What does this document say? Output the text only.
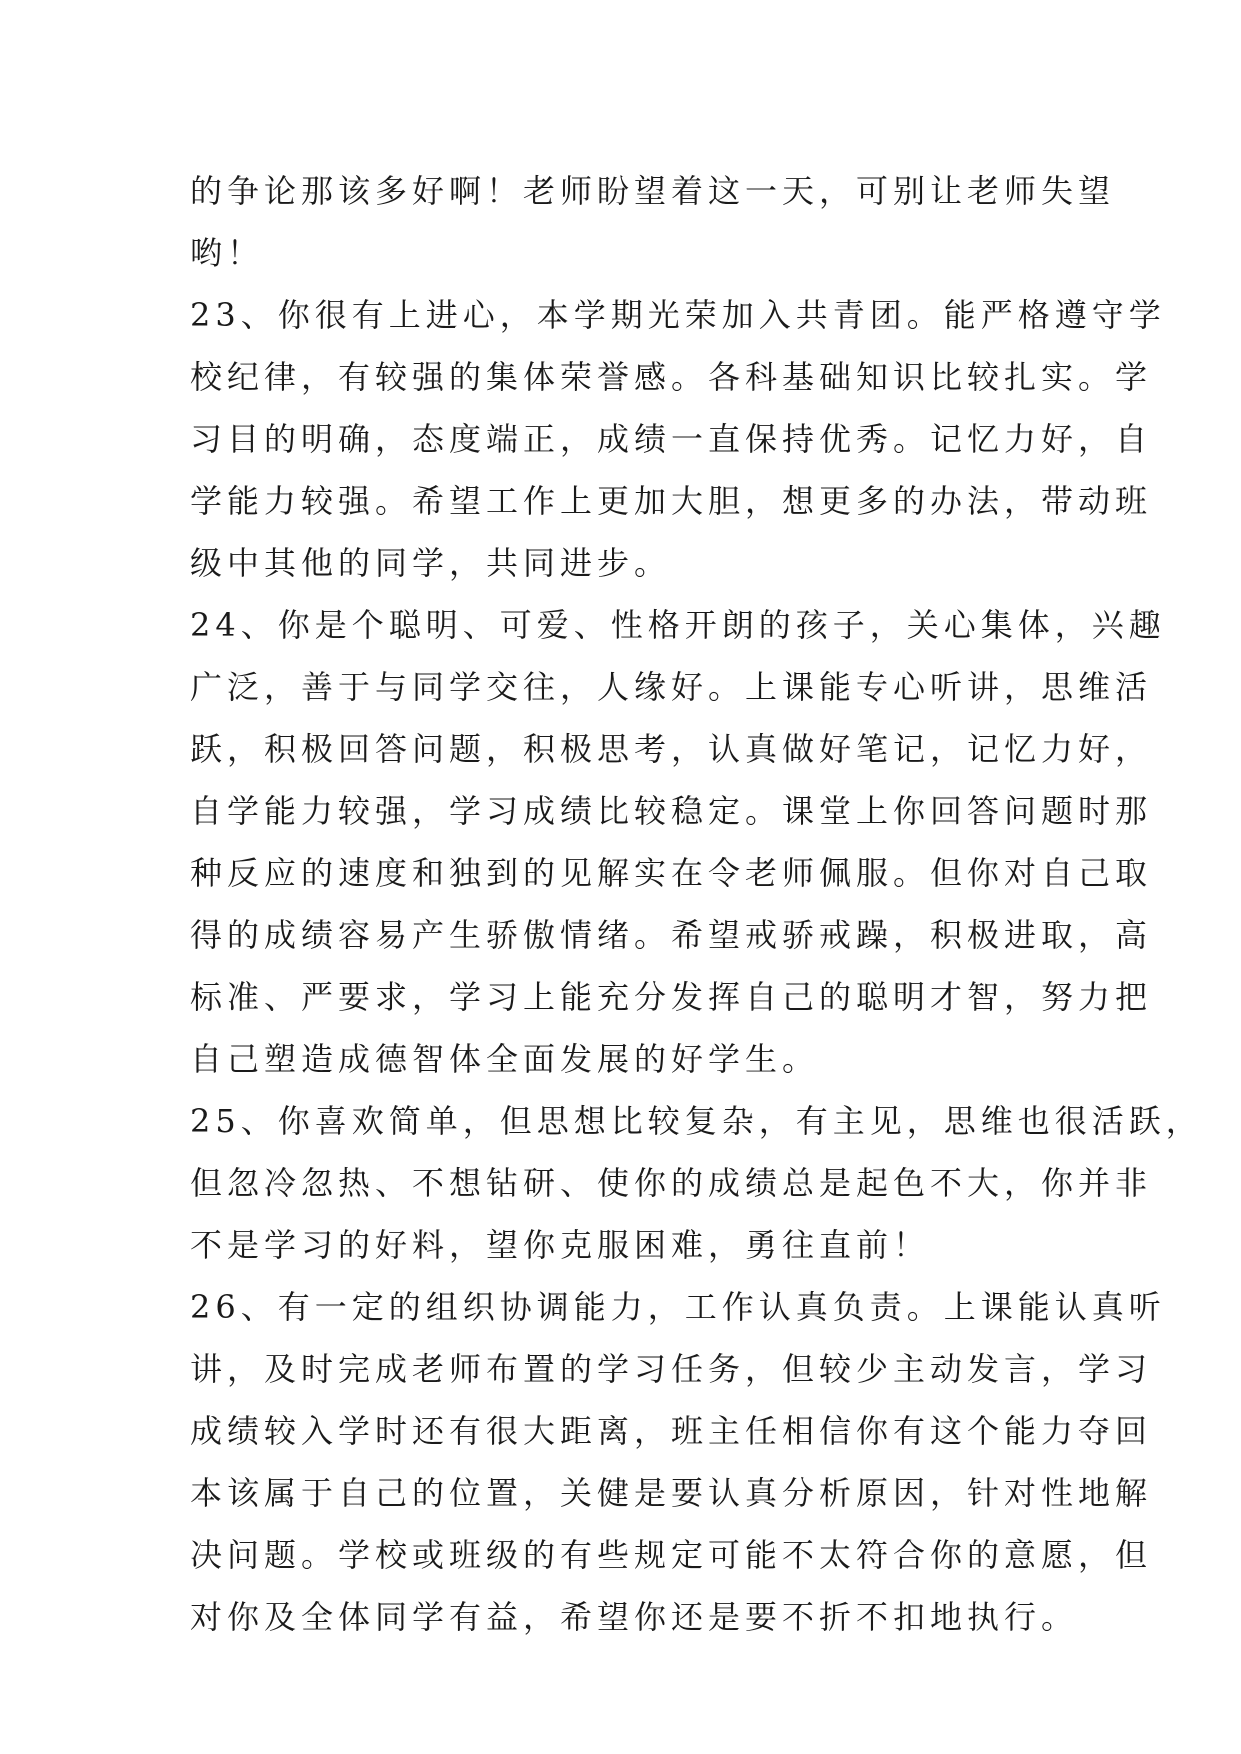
的争论那该多好啊！老师盼望着这一天，可别让老师失望
哟！
23、你很有上进心，本学期光荣加入共青团。能严格遵守学
校纪律，有较强的集体荣誉感。各科基础知识比较扎实。学
习目的明确，态度端正，成绩一直保持优秀。记忆力好，自
学能力较强。希望工作上更加大胆，想更多的办法，带动班
级中其他的同学，共同进步。
24、你是个聪明、可爱、性格开朗的孩子，关心集体，兴趣
广泛，善于与同学交往，人缘好。上课能专心听讲，思维活
跃，积极回答问题，积极思考，认真做好笔记，记忆力好，
自学能力较强，学习成绩比较稳定。课堂上你回答问题时那
种反应的速度和独到的见解实在令老师佩服。但你对自己取
得的成绩容易产生骄傲情绪。希望戒骄戒躁，积极进取，高
标准、严要求，学习上能充分发挥自己的聪明才智，努力把
自己塑造成德智体全面发展的好学生。
25、你喜欢简单，但思想比较复杂，有主见，思维也很活跃，
但忽冷忽热、不想钻研、使你的成绩总是起色不大，你并非
不是学习的好料，望你克服困难，勇往直前！
26、有一定的组织协调能力，工作认真负责。上课能认真听
讲，及时完成老师布置的学习任务，但较少主动发言，学习
成绩较入学时还有很大距离，班主任相信你有这个能力夺回
本该属于自己的位置，关健是要认真分析原因，针对性地解
决问题。学校或班级的有些规定可能不太符合你的意愿，但
对你及全体同学有益，希望你还是要不折不扣地执行。
